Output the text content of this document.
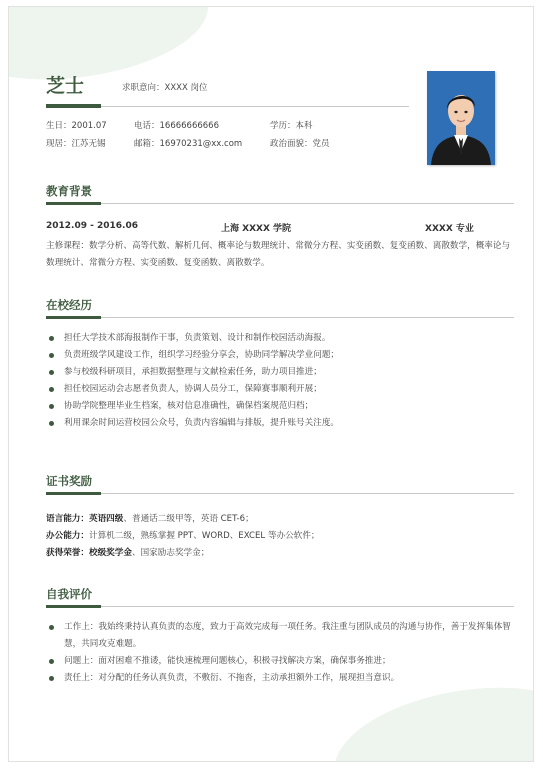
芝士	求职意向：XXXX 岗位
生日：2001.07	电话：16666666666	学历：本科
现居：江苏无锡	邮箱：16970231@xx.com	政治面貌：党员
教育背景
2012.09 - 2016.06	上海 XXXX 学院	XXXX 专业
主修课程：数学分析、高等代数、解析几何、概率论与数理统计、常微分方程、实变函数、复变函数、离散数学，概率论与数理统计、常微分方程、实变函数、复变函数、离散数学。
在校经历
担任大学技术部海报制作干事，负责策划、设计和制作校园活动海报。
负责班级学风建设工作，组织学习经验分享会，协助同学解决学业问题；
参与校级科研项目，承担数据整理与文献检索任务，助力项目推进；
担任校园运动会志愿者负责人，协调人员分工，保障赛事顺利开展；
协助学院整理毕业生档案，核对信息准确性，确保档案规范归档；
利用课余时间运营校园公众号，负责内容编辑与排版，提升账号关注度。
证书奖励
语言能力：英语四级、普通话二级甲等，英语 CET-6；
办公能力：计算机二级，熟练掌握 PPT、WORD、EXCEL 等办公软件；
获得荣誉：校级奖学金、国家励志奖学金；
自我评价
工作上：我始终秉持认真负责的态度，致力于高效完成每一项任务。我注重与团队成员的沟通与协作，善于发挥集体智慧，共同攻克难题。
问题上：面对困难不推诿，能快速梳理问题核心，积极寻找解决方案，确保事务推进；
责任上：对分配的任务认真负责，不敷衍、不拖沓，主动承担额外工作，展现担当意识。
